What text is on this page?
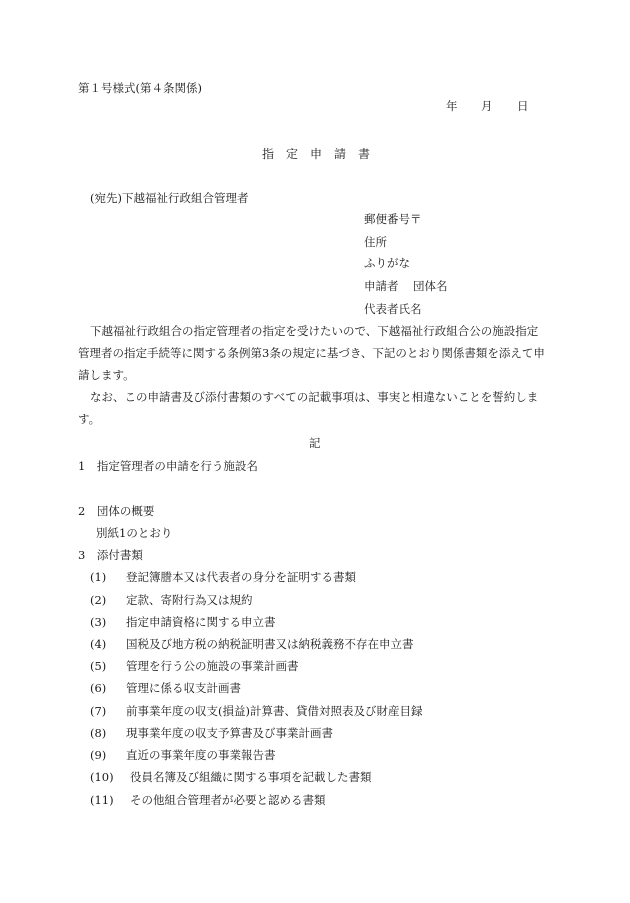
第１号様式(第４条関係)
年 月 日
指　定　申　請　書
(宛先)下越福祉行政組合管理者
郵便番号〒
住所
ふりがな
申請者 団体名
代表者氏名
下越福祉行政組合の指定管理者の指定を受けたいので、下越福祉行政組合公の施設指定
管理者の指定手続等に関する条例第3条の規定に基づき、下記のとおり関係書類を添えて申
請します。
なお、この申請書及び添付書類のすべての記載事項は、事実と相違ないことを誓約しま
す。
記
1　指定管理者の申請を行う施設名
2　団体の概要
別紙1のとおり
3　添付書類
(1) 登記簿謄本又は代表者の身分を証明する書類
(2) 定款、寄附行為又は規約
(3) 指定申請資格に関する申立書
(4) 国税及び地方税の納税証明書又は納税義務不存在申立書
(5) 管理を行う公の施設の事業計画書
(6) 管理に係る収支計画書
(7) 前事業年度の収支(損益)計算書、貸借対照表及び財産目録
(8) 現事業年度の収支予算書及び事業計画書
(9) 直近の事業年度の事業報告書
(10) 役員名簿及び組織に関する事項を記載した書類
(11) その他組合管理者が必要と認める書類
